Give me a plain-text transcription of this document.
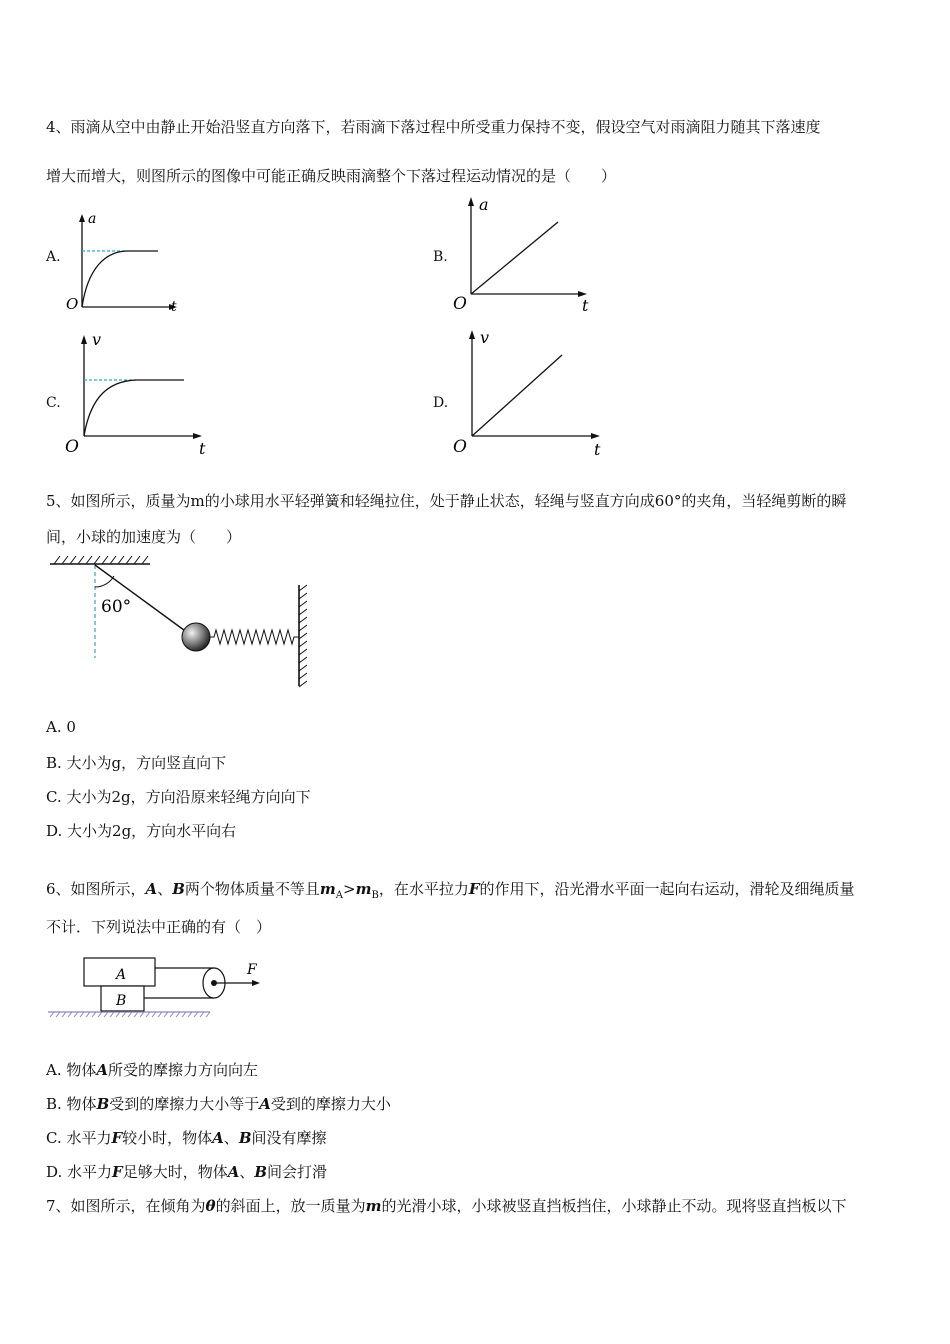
4、雨滴从空中由静止开始沿竖直方向落下，若雨滴下落过程中所受重力保持不变，假设空气对雨滴阻力随其下落速度
增大而增大，则图所示的图像中可能正确反映雨滴整个下落过程运动情况的是（　　）
A.
a
t
O
B.
a
t
O
C.
v
t
O
D.
v
t
O
5、如图所示，质量为m的小球用水平轻弹簧和轻绳拉住，处于静止状态，轻绳与竖直方向成60°的夹角，当轻绳剪断的瞬
间，小球的加速度为（　　）
60°
A. 0
B. 大小为g，方向竖直向下
C. 大小为2g，方向沿原来轻绳方向向下
D. 大小为2g，方向水平向右
6、如图所示，A、B两个物体质量不等且$m_A>m_B$，在水平拉力F的作用下，沿光滑水平面一起向右运动，滑轮及细绳质量
不计．下列说法中正确的有（　）
A
B
F
A. 物体A所受的摩擦力方向向左
B. 物体B受到的摩擦力大小等于A受到的摩擦力大小
C. 水平力F较小时，物体A、B间没有摩擦
D. 水平力F足够大时，物体A、B间会打滑
7、如图所示，在倾角为θ的斜面上，放一质量为m的光滑小球，小球被竖直挡板挡住，小球静止不动。现将竖直挡板以下
